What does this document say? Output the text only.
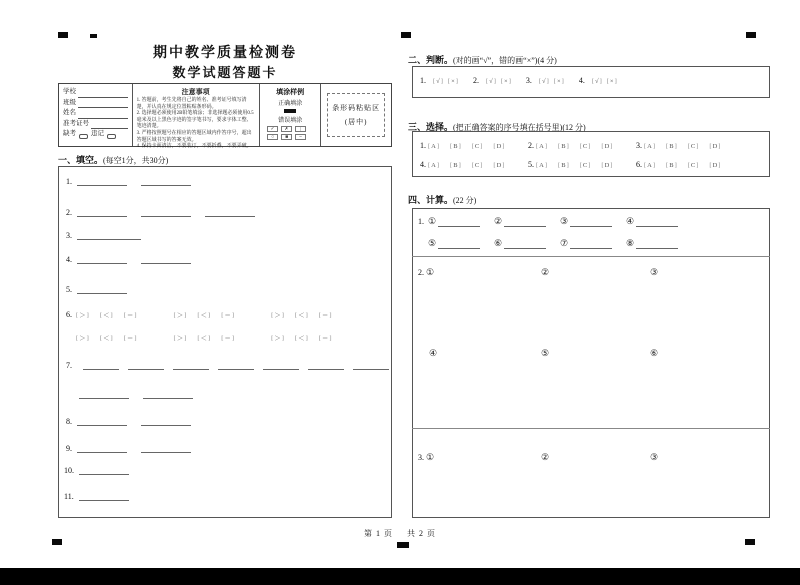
期中教学质量检测卷
数学试题答题卡
学校
班级
姓名
准考证号
缺考 违记
注意事项
1. 答题前，考生先将自己的姓名、准考证号填写清楚，并认真在规定位置粘贴条形码。
2. 选择题必须使用2B铅笔填涂；非选择题必须使用0.5毫米及以上黑色字迹的签字笔书写，要求字体工整、笔迹清楚。
3. 严格按照题号在相应的答题区域内作答序号，超出答题区域书写的答案无效。
4. 保持卡面清洁，不要装订，不要折叠，不要弄破。
填涂样例
正确填涂
错误填涂
✓	✗	|
○	■	~
条形码粘贴区
(居中)
一、填空。(每空1分，共30分)
1.
2.
3.
4.
5.
6. [ ＞ ]	[ ＜ ]	[ ＝ ]	[ ＞ ]	[ ＜ ]	[ ＝ ]	[ ＞ ]	[ ＜ ]	[ ＝ ]
[ ＞ ]	[ ＜ ]	[ ＝ ]	[ ＞ ]	[ ＜ ]	[ ＝ ]	[ ＞ ]	[ ＜ ]	[ ＝ ]
7.
8.
9.
10.
11.
二、判断。(对的画“√”，错的画“×”)(4 分)
1. [ √ ] [ × ] 2. [ √ ] [ × ] 3. [ √ ] [ × ] 4. [ √ ] [ × ]
三、选择。(把正确答案的序号填在括号里)(12 分)
1. [ A ]	[ B ]	[ C ]	[ D ]	2. [ A ]	[ B ]	[ C ]	[ D ]	3. [ A ]	[ B ]	[ C ]	[ D ]
4. [ A ]	[ B ]	[ C ]	[ D ]	5. [ A ]	[ B ]	[ C ]	[ D ]	6. [ A ]	[ B ]	[ C ]	[ D ]
四、计算。(22 分)
1. ①	②	③	④
⑤	⑥	⑦	⑧
2. ①	②	③
④	⑤	⑥
3. ①	②	③
第 1 页 共 2 页
